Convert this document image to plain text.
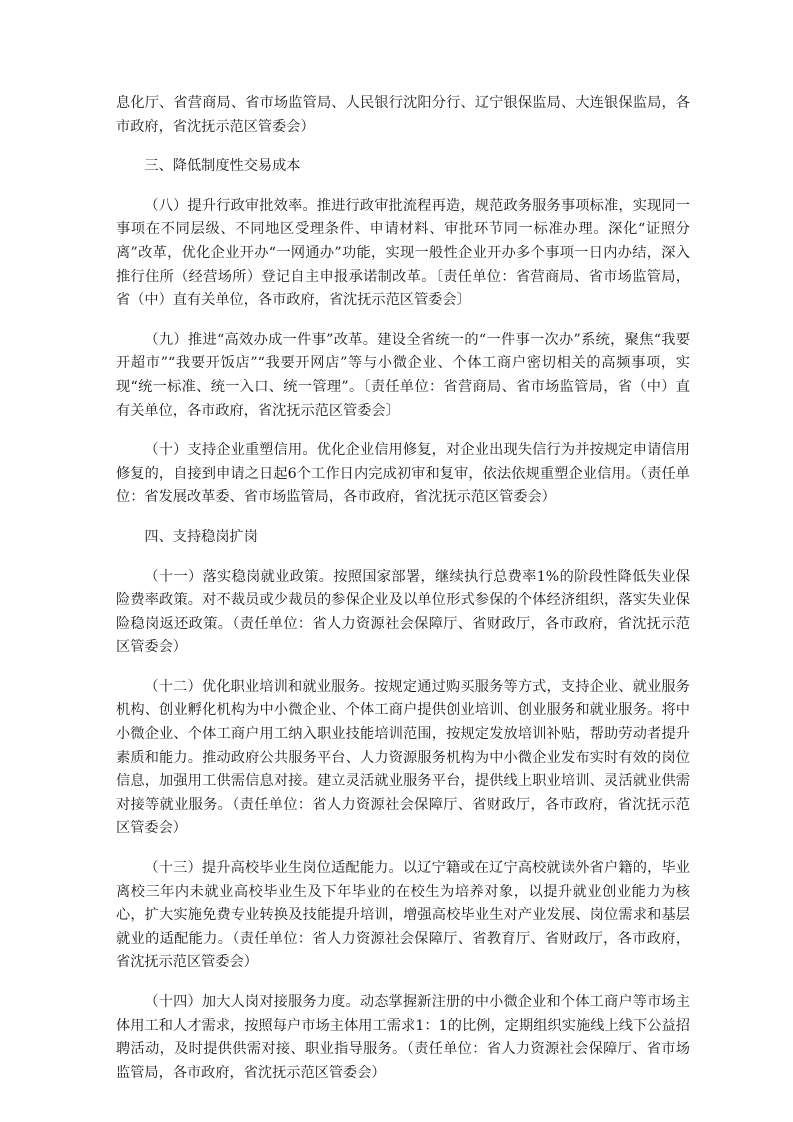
息化厅、省营商局、省市场监管局、人民银行沈阳分行、辽宁银保监局、大连银保监局，各市政府，省沈抚示范区管委会）

三、降低制度性交易成本

（八）提升行政审批效率。推进行政审批流程再造，规范政务服务事项标准，实现同一事项在不同层级、不同地区受理条件、申请材料、审批环节同一标准办理。深化“证照分离”改革，优化企业开办“一网通办”功能，实现一般性企业开办多个事项一日内办结，深入推行住所（经营场所）登记自主申报承诺制改革。〔责任单位：省营商局、省市场监管局，省（中）直有关单位，各市政府，省沈抚示范区管委会〕

（九）推进“高效办成一件事”改革。建设全省统一的“一件事一次办”系统，聚焦“我要开超市”“我要开饭店”“我要开网店”等与小微企业、个体工商户密切相关的高频事项，实现“统一标准、统一入口、统一管理”。〔责任单位：省营商局、省市场监管局，省（中）直有关单位，各市政府，省沈抚示范区管委会〕

（十）支持企业重塑信用。优化企业信用修复，对企业出现失信行为并按规定申请信用修复的，自接到申请之日起6个工作日内完成初审和复审，依法依规重塑企业信用。（责任单位：省发展改革委、省市场监管局，各市政府，省沈抚示范区管委会）

四、支持稳岗扩岗

（十一）落实稳岗就业政策。按照国家部署，继续执行总费率1%的阶段性降低失业保险费率政策。对不裁员或少裁员的参保企业及以单位形式参保的个体经济组织，落实失业保险稳岗返还政策。（责任单位：省人力资源社会保障厅、省财政厅，各市政府，省沈抚示范区管委会）

（十二）优化职业培训和就业服务。按规定通过购买服务等方式，支持企业、就业服务机构、创业孵化机构为中小微企业、个体工商户提供创业培训、创业服务和就业服务。将中小微企业、个体工商户用工纳入职业技能培训范围，按规定发放培训补贴，帮助劳动者提升素质和能力。推动政府公共服务平台、人力资源服务机构为中小微企业发布实时有效的岗位信息，加强用工供需信息对接。建立灵活就业服务平台，提供线上职业培训、灵活就业供需对接等就业服务。（责任单位：省人力资源社会保障厅、省财政厅，各市政府，省沈抚示范区管委会）

（十三）提升高校毕业生岗位适配能力。以辽宁籍或在辽宁高校就读外省户籍的，毕业离校三年内未就业高校毕业生及下年毕业的在校生为培养对象，以提升就业创业能力为核心，扩大实施免费专业转换及技能提升培训，增强高校毕业生对产业发展、岗位需求和基层就业的适配能力。（责任单位：省人力资源社会保障厅、省教育厅、省财政厅，各市政府，省沈抚示范区管委会）

（十四）加大人岗对接服务力度。动态掌握新注册的中小微企业和个体工商户等市场主体用工和人才需求，按照每户市场主体用工需求1：1的比例，定期组织实施线上线下公益招聘活动，及时提供供需对接、职业指导服务。（责任单位：省人力资源社会保障厅、省市场监管局，各市政府，省沈抚示范区管委会）
